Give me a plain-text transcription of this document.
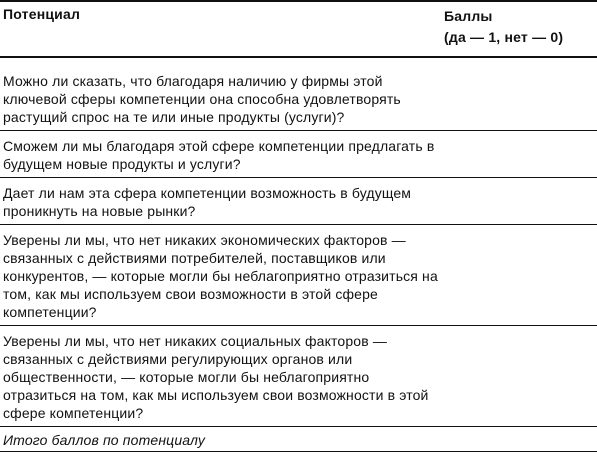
Потенциал	Баллы
(да — 1, нет — 0)
Можно ли сказать, что благодаря наличию у фирмы этой ключевой сферы компетенции она способна удовлетворять растущий спрос на те или иные продукты (услуги)?
Сможем ли мы благодаря этой сфере компетенции предлагать в будущем новые продукты и услуги?
Дает ли нам эта сфера компетенции возможность в будущем проникнуть на новые рынки?
Уверены ли мы, что нет никаких экономических факторов — связанных с действиями потребителей, поставщиков или конкурентов, — которые могли бы неблагоприятно отразиться на том, как мы используем свои возможности в этой сфере компетенции?
Уверены ли мы, что нет никаких социальных факторов — связанных с действиями регулирующих органов или общественности, — которые могли бы неблагоприятно отразиться на том, как мы используем свои возможности в этой сфере компетенции?
Итого баллов по потенциалу
